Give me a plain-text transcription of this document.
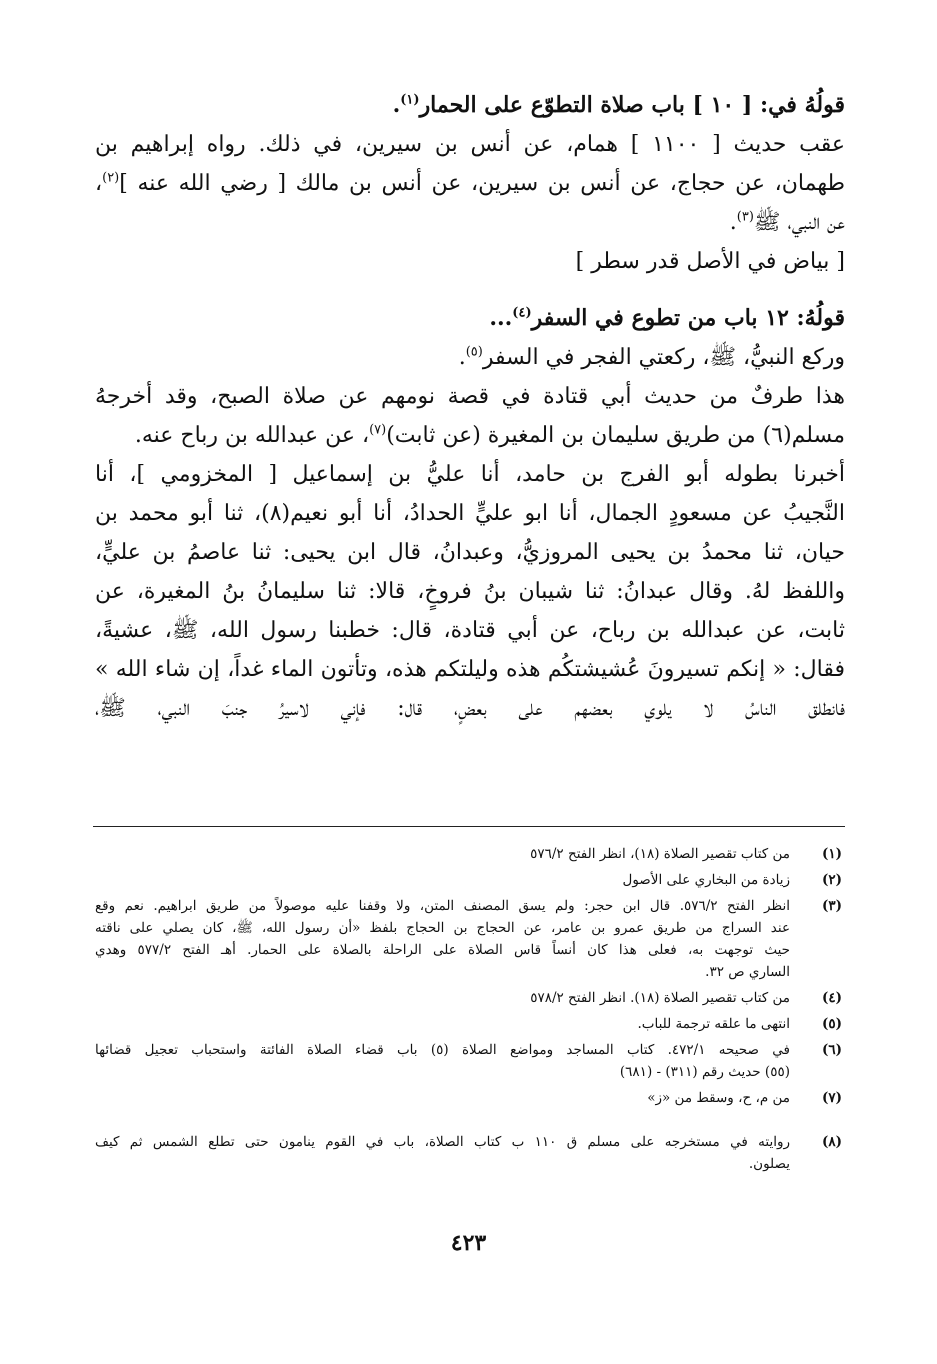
قولُهُ في: [ ١٠ ] باب صلاة التطوّع على الحمار$^{(١)}$.
عقب حديث [ ١١٠٠ ] همام، عن أنس بن سيرين، في ذلك. رواه إبراهيم بن
طهمان، عن حجاج، عن أنس بن سيرين، عن أنس بن مالك [ رضي الله عنه ]$^{(٢)}$،
عن النبي، ﷺ$^{(٣)}$.
[ بياض في الأصل قدر سطر ]
قولُهُ: ١٢ باب من تطوع في السفر$^{(٤)}$...
وركع النبيُّ، ﷺ، ركعتي الفجر في السفر$^{(٥)}$.
هذا طرفٌ من حديث أبي قتادة في قصة نومهم عن صلاة الصبح، وقد أخرجهُ
مسلم(٦) من طريق سليمان بن المغيرة (عن ثابت)$^{(٧)}$، عن عبدالله بن رباح عنه.
أخبرنا بطوله أبو الفرج بن حامد، أنا عليُّ بن إسماعيل [ المخزومي ]، أنا
النَّجيبُ عن مسعودٍ الجمال، أنا ابو عليٍّ الحدادُ، أنا أبو نعيم(٨)، ثنا أبو محمد بن
حيان، ثنا محمدُ بن يحيى المروزيُّ، وعبدانُ، قال ابن يحيى: ثنا عاصمُ بن عليٍّ،
واللفظ لهُ. وقال عبدانُ: ثنا شيبان بنُ فروخٍ، قالا: ثنا سليمانُ بنُ المغيرة، عن
ثابت، عن عبدالله بن رباح، عن أبي قتادة، قال: خطبنا رسول الله، ﷺ، عشيةً،
فقال: « إنكم تسيرونَ عُشيشتكُم هذه وليلتكم هذه، وتأتون الماء غداً، إن شاء الله »
فانطلق الناسُ لا يلوي بعضهم على بعضٍ، قال: فإني لاسيرُ جنبَ النبي، ﷺ،
(١)
من كتاب تقصير الصلاة (١٨)، انظر الفتح ٥٧٦/٢
(٢)
زيادة من البخاري على الأصول
(٣)
انظر الفتح ٥٧٦/٢. قال ابن حجر: ولم يسق المصنف المتن، ولا وقفنا عليه موصولاً من طريق ابراهيم. نعم وقع
عند السراج من طريق عمرو بن عامر، عن الحجاج بن الحجاج بلفظ «أن رسول الله، ﷺ، كان يصلي على ناقته
حيث توجهت به، فعلى هذا كان أنساً قاس الصلاة على الراحلة بالصلاة على الحمار. أهـ الفتح ٥٧٧/٢ وهدي
الساري ص ٣٢.
(٤)
من كتاب تقصير الصلاة (١٨). انظر الفتح ٥٧٨/٢
(٥)
انتهى ما علقه ترجمة للباب.
(٦)
في صحيحه ٤٧٢/١. كتاب المساجد ومواضع الصلاة (٥) باب قضاء الصلاة الفائتة واستحباب تعجيل قضائها
(٥٥) حديث رقم (٣١١) - (٦٨١)
(٧)
من م، ح، وسقط من «ز»
(٨)
روايته في مستخرجه على مسلم ق ١١٠ ب كتاب الصلاة، باب في القوم ينامون حتى تطلع الشمس ثم كيف
يصلون.
٤٢٣
